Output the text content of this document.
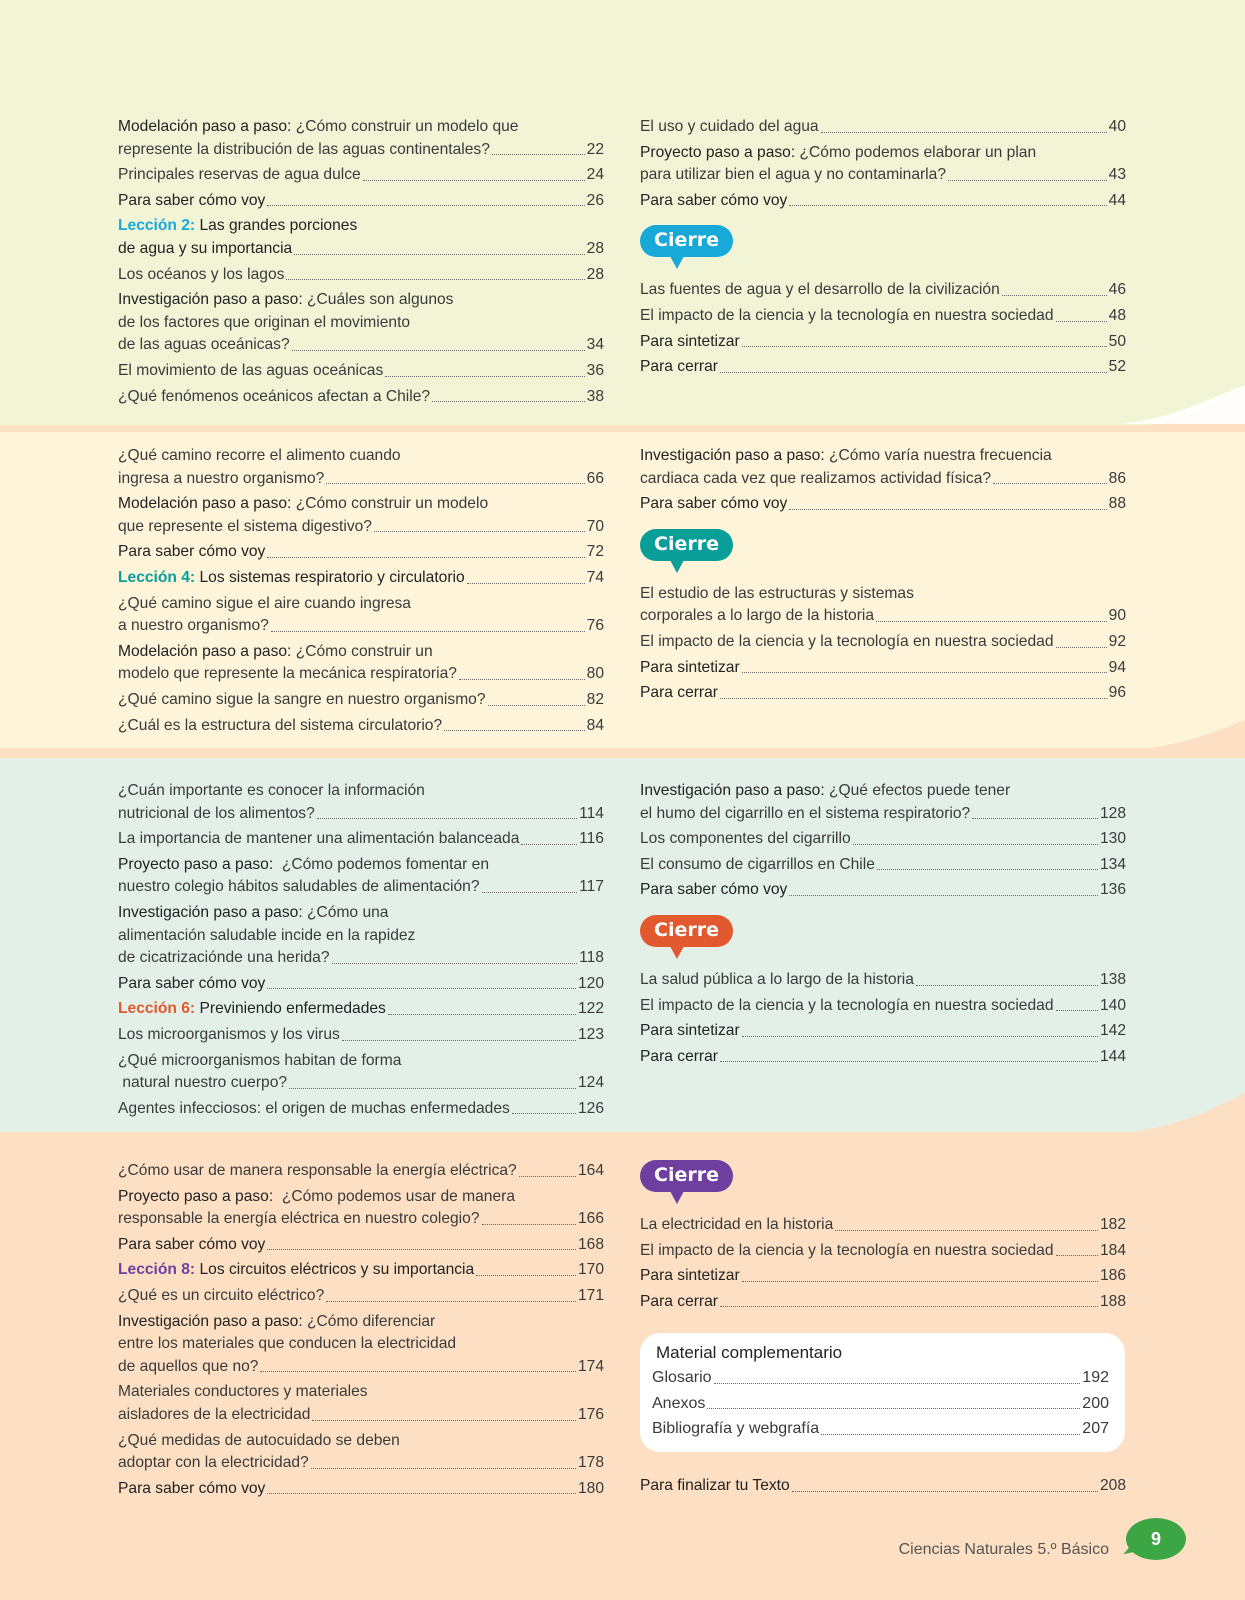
Modelación paso a paso: ¿Cómo construir un modelo que
represente la distribución de las aguas continentales?	22
Principales reservas de agua dulce	24
Para saber cómo voy	26
Lección 2: Las grandes porciones
de agua y su importancia	28
Los océanos y los lagos	28
Investigación paso a paso: ¿Cuáles son algunos
de los factores que originan el movimiento
de las aguas oceánicas?	34
El movimiento de las aguas oceánicas	36
¿Qué fenómenos oceánicos afectan a Chile?	38
El uso y cuidado del agua	40
Proyecto paso a paso: ¿Cómo podemos elaborar un plan
para utilizar bien el agua y no contaminarla?	43
Para saber cómo voy	44
Cierre
Las fuentes de agua y el desarrollo de la civilización	46
El impacto de la ciencia y la tecnología en nuestra sociedad	48
Para sintetizar	50
Para cerrar	52
¿Qué camino recorre el alimento cuando
ingresa a nuestro organismo?	66
Modelación paso a paso: ¿Cómo construir un modelo
que represente el sistema digestivo?	70
Para saber cómo voy	72
Lección 4: Los sistemas respiratorio y circulatorio	74
¿Qué camino sigue el aire cuando ingresa
a nuestro organismo?	76
Modelación paso a paso: ¿Cómo construir un
modelo que represente la mecánica respiratoria?	80
¿Qué camino sigue la sangre en nuestro organismo?	82
¿Cuál es la estructura del sistema circulatorio?	84
Investigación paso a paso: ¿Cómo varía nuestra frecuencia
cardiaca cada vez que realizamos actividad física?	86
Para saber cómo voy	88
Cierre
El estudio de las estructuras y sistemas
corporales a lo largo de la historia	90
El impacto de la ciencia y la tecnología en nuestra sociedad	92
Para sintetizar	94
Para cerrar	96
¿Cuán importante es conocer la información
nutricional de los alimentos?	114
La importancia de mantener una alimentación balanceada	116
Proyecto paso a paso: ¿Cómo podemos fomentar en
nuestro colegio hábitos saludables de alimentación?	117
Investigación paso a paso: ¿Cómo una
alimentación saludable incide en la rapidez
de cicatrizaciónde una herida?	118
Para saber cómo voy	120
Lección 6: Previniendo enfermedades	122
Los microorganismos y los virus	123
¿Qué microorganismos habitan de forma
natural nuestro cuerpo?	124
Agentes infecciosos: el origen de muchas enfermedades	126
Investigación paso a paso: ¿Qué efectos puede tener
el humo del cigarrillo en el sistema respiratorio?	128
Los componentes del cigarrillo	130
El consumo de cigarrillos en Chile	134
Para saber cómo voy	136
Cierre
La salud pública a lo largo de la historia	138
El impacto de la ciencia y la tecnología en nuestra sociedad	140
Para sintetizar	142
Para cerrar	144
¿Cómo usar de manera responsable la energía eléctrica?	164
Proyecto paso a paso: ¿Cómo podemos usar de manera
responsable la energía eléctrica en nuestro colegio?	166
Para saber cómo voy	168
Lección 8: Los circuitos eléctricos y su importancia	170
¿Qué es un circuito eléctrico?	171
Investigación paso a paso: ¿Cómo diferenciar
entre los materiales que conducen la electricidad
de aquellos que no?	174
Materiales conductores y materiales
aisladores de la electricidad	176
¿Qué medidas de autocuidado se deben
adoptar con la electricidad?	178
Para saber cómo voy	180
Cierre
La electricidad en la historia	182
El impacto de la ciencia y la tecnología en nuestra sociedad	184
Para sintetizar	186
Para cerrar	188
Material complementario
Glosario	192
Anexos	200
Bibliografía y webgrafía	207
Para finalizar tu Texto	208
Ciencias Naturales 5.º Básico
9
